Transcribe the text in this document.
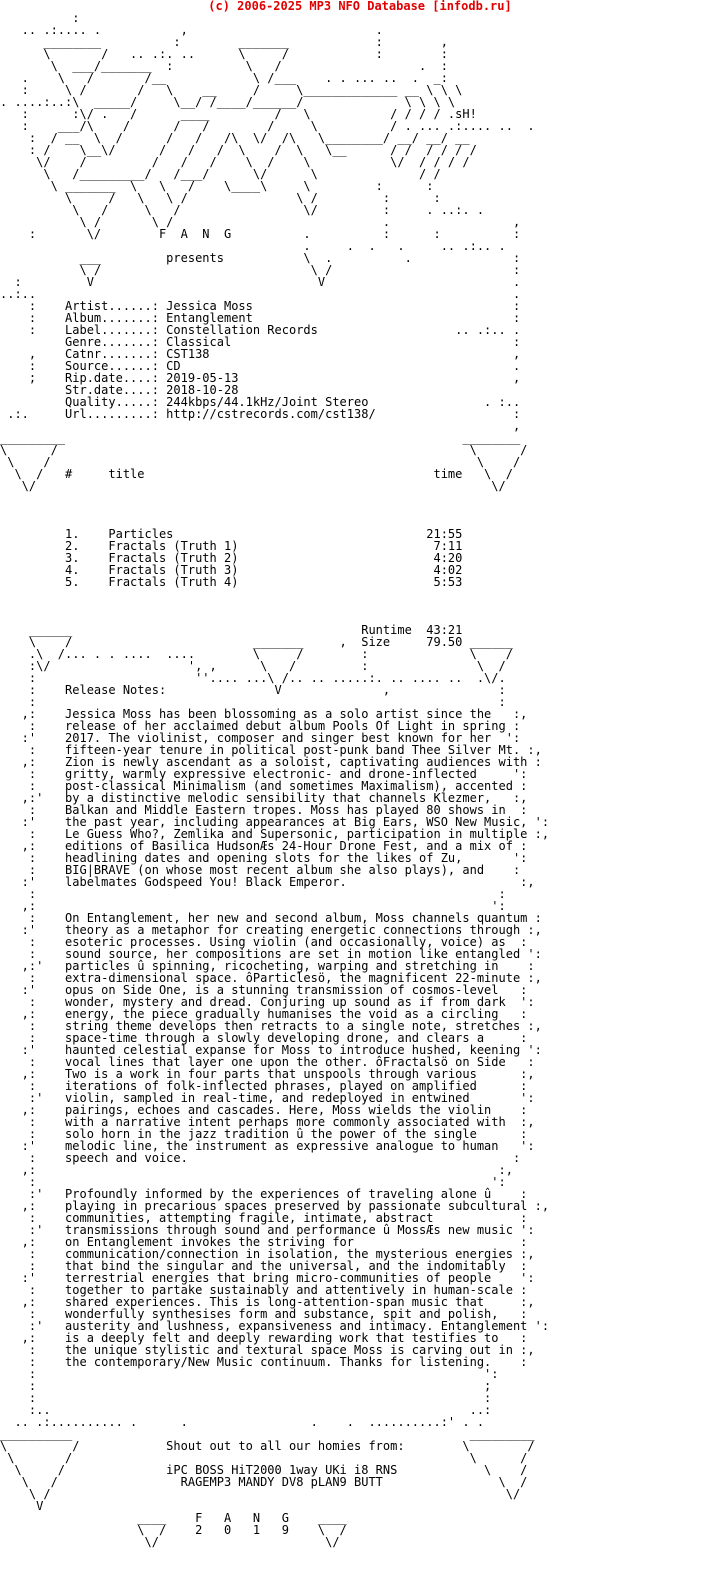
(c) 2006-2025 MP3 NFO Database [infodb.ru]
:
.. .:.... .           ,                          .
________          :        _______            :        ,
\       /   .. .:. ..      \     /            :        :
\  ___/_______  :          \   /                   .  :
.    \   /       /__            \ /___    . . ... ..  .  _:
:     \ /       /   \    __     /     \_____________ __ \ \ \
. ....:..:\  _____/     \__/ /____/______/              \ \ \ \
:      :\/ .   /      ____         /   \           / / / / .sH!
:    ___/\    /      /   /        /     \          / . ... .:.... ..  .
:  / __  \  /      /   /   /\  \/  /\   \________/ __/ __/ __
: /    \__\/      /   /   /  \    /  \   \__      / /  / / / /
\/    /         /   /   /    \  /    \           \/  / / / /
\   /_________/   /___/      \/      \              / /
\ _______  \   \   /    \____\     \         :      :
\     /   \   \ /               \ /         :      :
\   /     \   /                 \/         :     . ..:. .
\ /       \ /                             .                 ,
:       \/        F  A  N  G          .          :      :          :
.     .  .   .     .. .:.. .
___         presents           \  .          .              :
\ /                             \ /                         :
:         V                               V                          .
..:..                                                                  .
:    Artist......: Jessica Moss                                    :
:    Album.......: Entanglement                                    :
:    Label.......: Constellation Records                   .. .:.. .
Genre.......: Classical                                       :
,    Catnr.......: CST138                                          ,
:    Source......: CD                                              .
;    Rip.date....: 2019-05-13                                      ,
Str.date....: 2018-10-28
Quality.....: 244kbps/44.1kHz/Joint Stereo                . :..
.:.     Url.........: http://cstrecords.com/cst138/                   :
,
_________                                                       ________
\      /                                                         \      /
\    /                                                           \    /
\  /   #     title                                        time   \  /
\/                                                               \/

1.    Particles                                   21:55
2.    Fractals (Truth 1)                           7:11
3.    Fractals (Truth 2)                           4:20
4.    Fractals (Truth 3)                           4:02
5.    Fractals (Truth 4)                           5:53

______                                        Runtime  43:21
\    /                         _______     ,  Size     79.50 ______
.\  /... . . ....  ....        \     /        :              \    /
:\/                   ', ,      \   /         :               \  /
:                      ''.... ...\ /.. .. .....:. .. .... ..  .\/.
:    Release Notes:               V              ,               :
:                                                                :
,:    Jessica Moss has been blossoming as a solo artist since the   :,
:    release of her acclaimed debut album Pools Of Light in spring :
:'    2017. The violinist, composer and singer best known for her  ':
:    fifteen-year tenure in political post-punk band Thee Silver Mt. :,
,:    Zion is newly ascendant as a soloist, captivating audiences with :
:    gritty, warmly expressive electronic- and drone-inflected     ':
:    post-classical Minimalism (and sometimes Maximalism), accented :
,:'   by a distinctive melodic sensibility that channels Klezmer,   :,
:    Balkan and Middle Eastern tropes. Moss has played 80 shows in  :
:'    the past year, including appearances at Big Ears, WSO New Music, ':
:    Le Guess Who?, Zemlika and Supersonic, participation in multiple :,
,:    editions of Basilica HudsonÆs 24-Hour Drone Fest, and a mix of :
:    headlining dates and opening slots for the likes of Zu,       ':
:    BIG|BRAVE (on whose most recent album she also plays), and    :
:'    labelmates Godspeed You! Black Emperor.                        :,
:                                                                :
,:                                                               ':
:    On Entanglement, her new and second album, Moss channels quantum :
:'    theory as a metaphor for creating energetic connections through :,
:    esoteric processes. Using violin (and occasionally, voice) as  :
:    sound source, her compositions are set in motion like entangled ':
,:'   particles û spinning, ricocheting, warping and stretching in    :
:    extra-dimensional space. ôParticlesö, the magnificent 22-minute :,
:'    opus on Side One, is a stunning transmission of cosmos-level   :
:    wonder, mystery and dread. Conjuring up sound as if from dark  ':
,:    energy, the piece gradually humanises the void as a circling   :
:    string theme develops then retracts to a single note, stretches :,
:    space-time through a slowly developing drone, and clears a     :
:'    haunted celestial expanse for Moss to introduce hushed, keening ':
:    vocal lines that layer one upon the other. ôFractalsö on Side   :
,:    Two is a work in four parts that unspools through various      :,
:    iterations of folk-inflected phrases, played on amplified      :
:'   violin, sampled in real-time, and redeployed in entwined       ':
,:    pairings, echoes and cascades. Here, Moss wields the violin    :
:    with a narrative intent perhaps more commonly associated with  :,
:    solo horn in the jazz tradition û the power of the single      :
:'    melodic line, the instrument as expressive analogue to human   ':
:    speech and voice.                                             :
,:                                                                :,
:                                                               ':
:'   Profoundly informed by the experiences of traveling alone û    :
,:    playing in precarious spaces preserved by passionate subcultural :,
:    communities, attempting fragile, intimate, abstract            :
:'   transmissions through sound and performance û MossÆs new music ':
,:    on Entanglement invokes the striving for                       :
:    communication/connection in isolation, the mysterious energies :,
:    that bind the singular and the universal, and the indomitably  :
:'    terrestrial energies that bring micro-communities of people    ':
:    together to partake sustainably and attentively in human-scale :
,:    shared experiences. This is long-attention-span music that     :,
:    wonderfully synthesises form and substance, spit and polish,   :
:'   austerity and lushness, expansiveness and intimacy. Entanglement ':
,:    is a deeply felt and deeply rewarding work that testifies to   :
:    the unique stylistic and textural space Moss is carving out in :,
:    the contemporary/New Music continuum. Thanks for listening.    :
:                                                              ':
:                                                              ;
:                                                              :
:..                                                          ..:
.. .:.......... .      .                 .    .  ..........:' . .
__________                                                       _________
\         /            Shout out to all our homies from:        \        /
\       /                                                       \      /
\     /              iPC BOSS HiT2000 1way UKi i8 RNS            \    /
\   /                 RAGEMP3 MANDY DV8 pLAN9 BUTT                \  /
\ /                                                               \/
V
____    F   A   N   G    ____
\  /    2   0   1   9    \  /
\/                       \/
